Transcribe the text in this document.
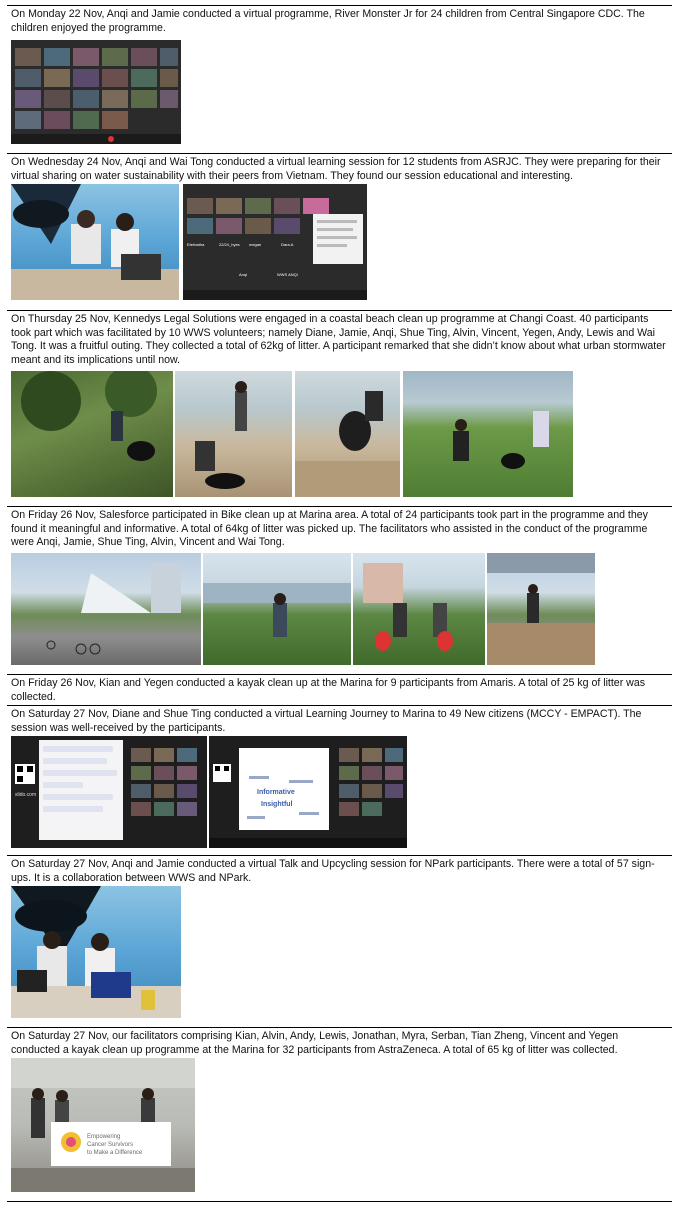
On Monday 22 Nov, Anqi and Jamie conducted a virtual programme, River Monster Jr for 24 children from Central Singapore CDC. The children enjoyed the programme.
On Wednesday 24 Nov, Anqi and Wai Tong conducted a virtual learning session for 12 students from ASRJC. They were preparing for their virtual sharing on water sustainability with their peers from Vietnam. They found our session educational and interesting.
Eterbatha	22/24_hyes megan	Dara.A
Anqi	WWS ANQI
On Thursday 25 Nov, Kennedys Legal Solutions were engaged in a coastal beach clean up programme at Changi Coast. 40 participants took part which was facilitated by 10 WWS volunteers; namely Diane, Jamie, Anqi, Shue Ting, Alvin, Vincent, Yegen, Andy, Lewis and Wai Tong. It was a fruitful outing. They collected a total of 62kg of litter. A participant remarked that she didn’t know about what urban stormwater meant and its implications until now.
On Friday 26 Nov, Salesforce participated in Bike clean up at Marina area. A total of 24 participants took part in the programme and they found it meaningful and informative. A total of 64kg of litter was picked up. The facilitators who assisted in the conduct of the programme were Anqi, Jamie, Shue Ting, Alvin, Vincent and Wai Tong.
On Friday 26 Nov, Kian and Yegen conducted a kayak clean up at the Marina for 9 participants from Amaris. A total of 25 kg of litter was collected.
On Saturday 27 Nov, Diane and Shue Ting conducted a virtual Learning Journey to Marina to 49 New citizens (MCCY - EMPACT). The session was well-received by the participants.
slido.com	Informative
Insightful
On Saturday 27 Nov, Anqi and Jamie conducted a virtual Talk and Upcycling session for NPark participants. There were a total of 57 sign-ups. It is a collaboration between WWS and NPark.
On Saturday 27 Nov, our facilitators comprising Kian, Alvin, Andy, Lewis, Jonathan, Myra, Serban, Tian Zheng, Vincent and Yegen conducted a kayak clean up programme at the Marina for 32 participants from AstraZeneca. A total of 65 kg of litter was collected.
Empowering
Cancer Survivors
to Make a Difference
